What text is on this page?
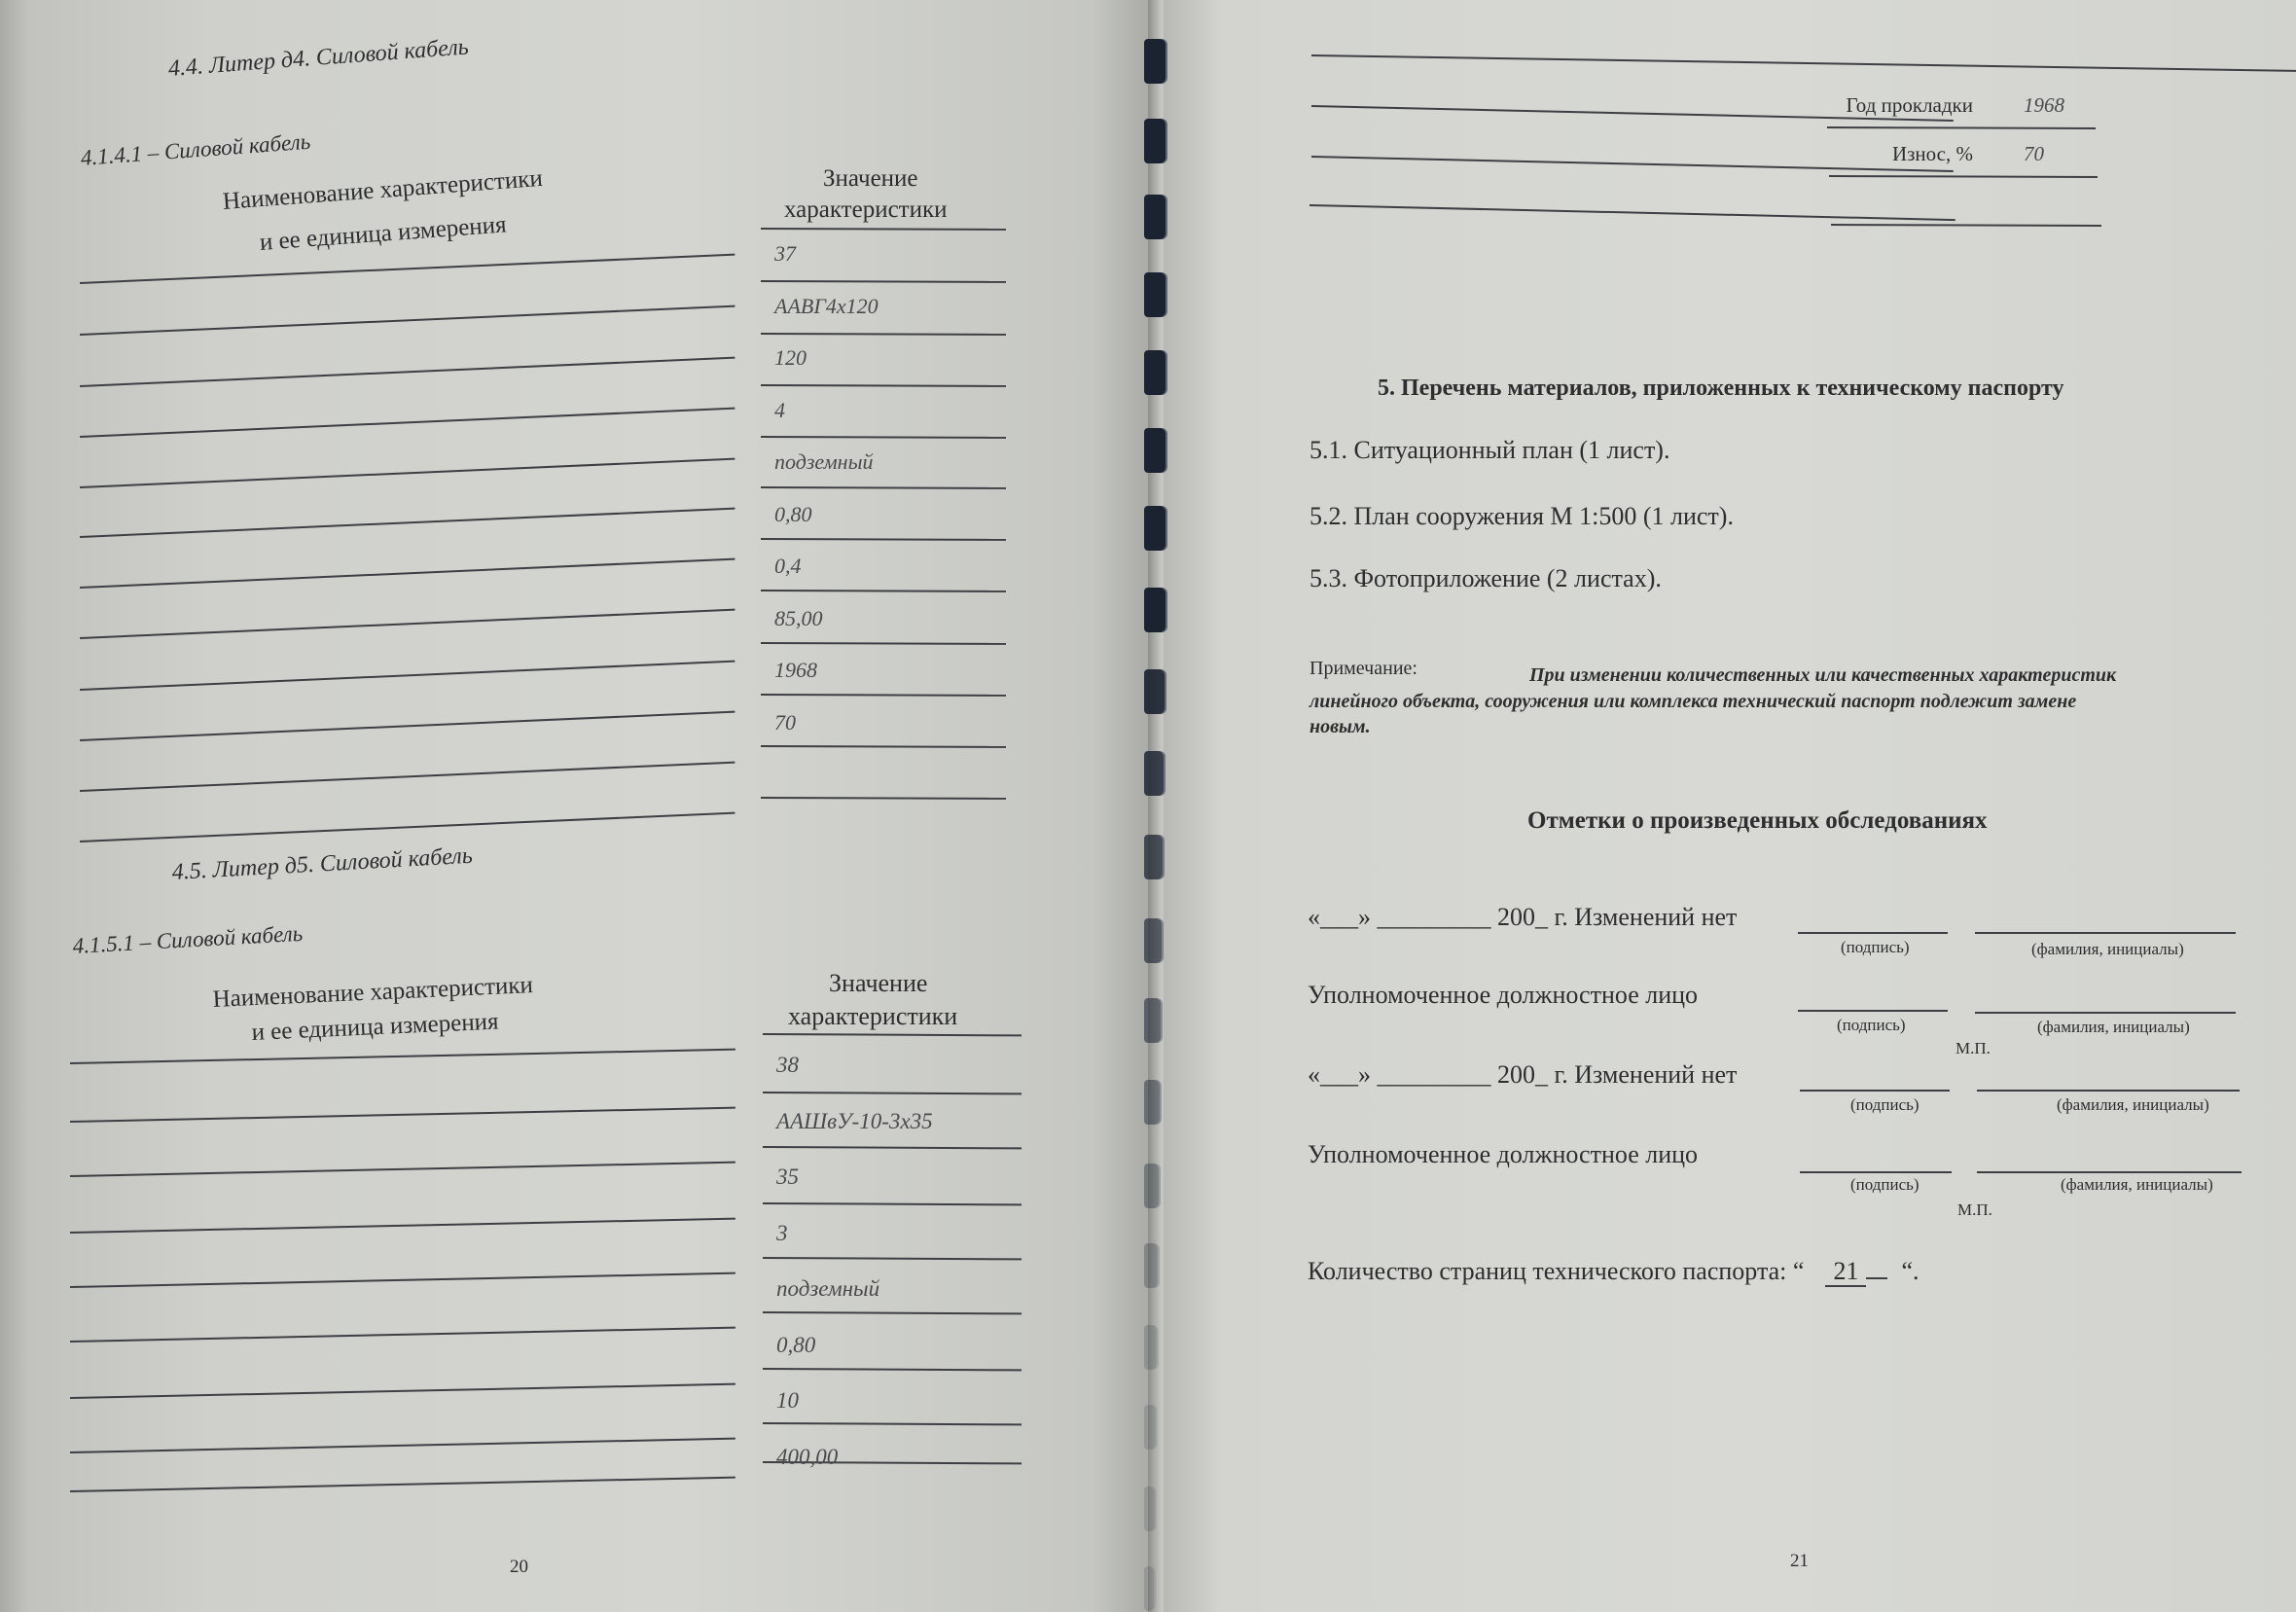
4.4. Литер д4. Силовой кабель
4.1.4.1 – Силовой кабель
Наименование характеристики
и ее единица измерения
Значение
характеристики
37
ААВГ4х120
120
4
подземный
0,80
0,4
85,00
1968
70
4.5. Литер д5. Силовой кабель
4.1.5.1 – Силовой кабель
Наименование характеристики
и ее единица измерения
Значение
характеристики
38
ААШвУ-10-3х35
35
3
подземный
0,80
10
400,00
20
Год прокладки 1968
Износ, % 70
5. Перечень материалов, приложенных к техническому паспорту
5.1. Ситуационный план (1 лист).
5.2. План сооружения М 1:500 (1 лист).
5.3. Фотоприложение (2 листах).
Примечание:	При изменении количественных или качественных характеристик
линейного объекта, сооружения или комплекса технический паспорт подлежит замене
новым.
Отметки о произведенных обследованиях
«___» _________ 200_ г. Изменений нет
(подпись)	(фамилия, инициалы)
Уполномоченное должностное лицо
(подпись)	(фамилия, инициалы)
М.П.
«___» _________ 200_ г. Изменений нет
(подпись)	(фамилия, инициалы)
Уполномоченное должностное лицо
(подпись)	(фамилия, инициалы)
М.П.
Количество страниц технического паспорта: “ 21 “.
21
